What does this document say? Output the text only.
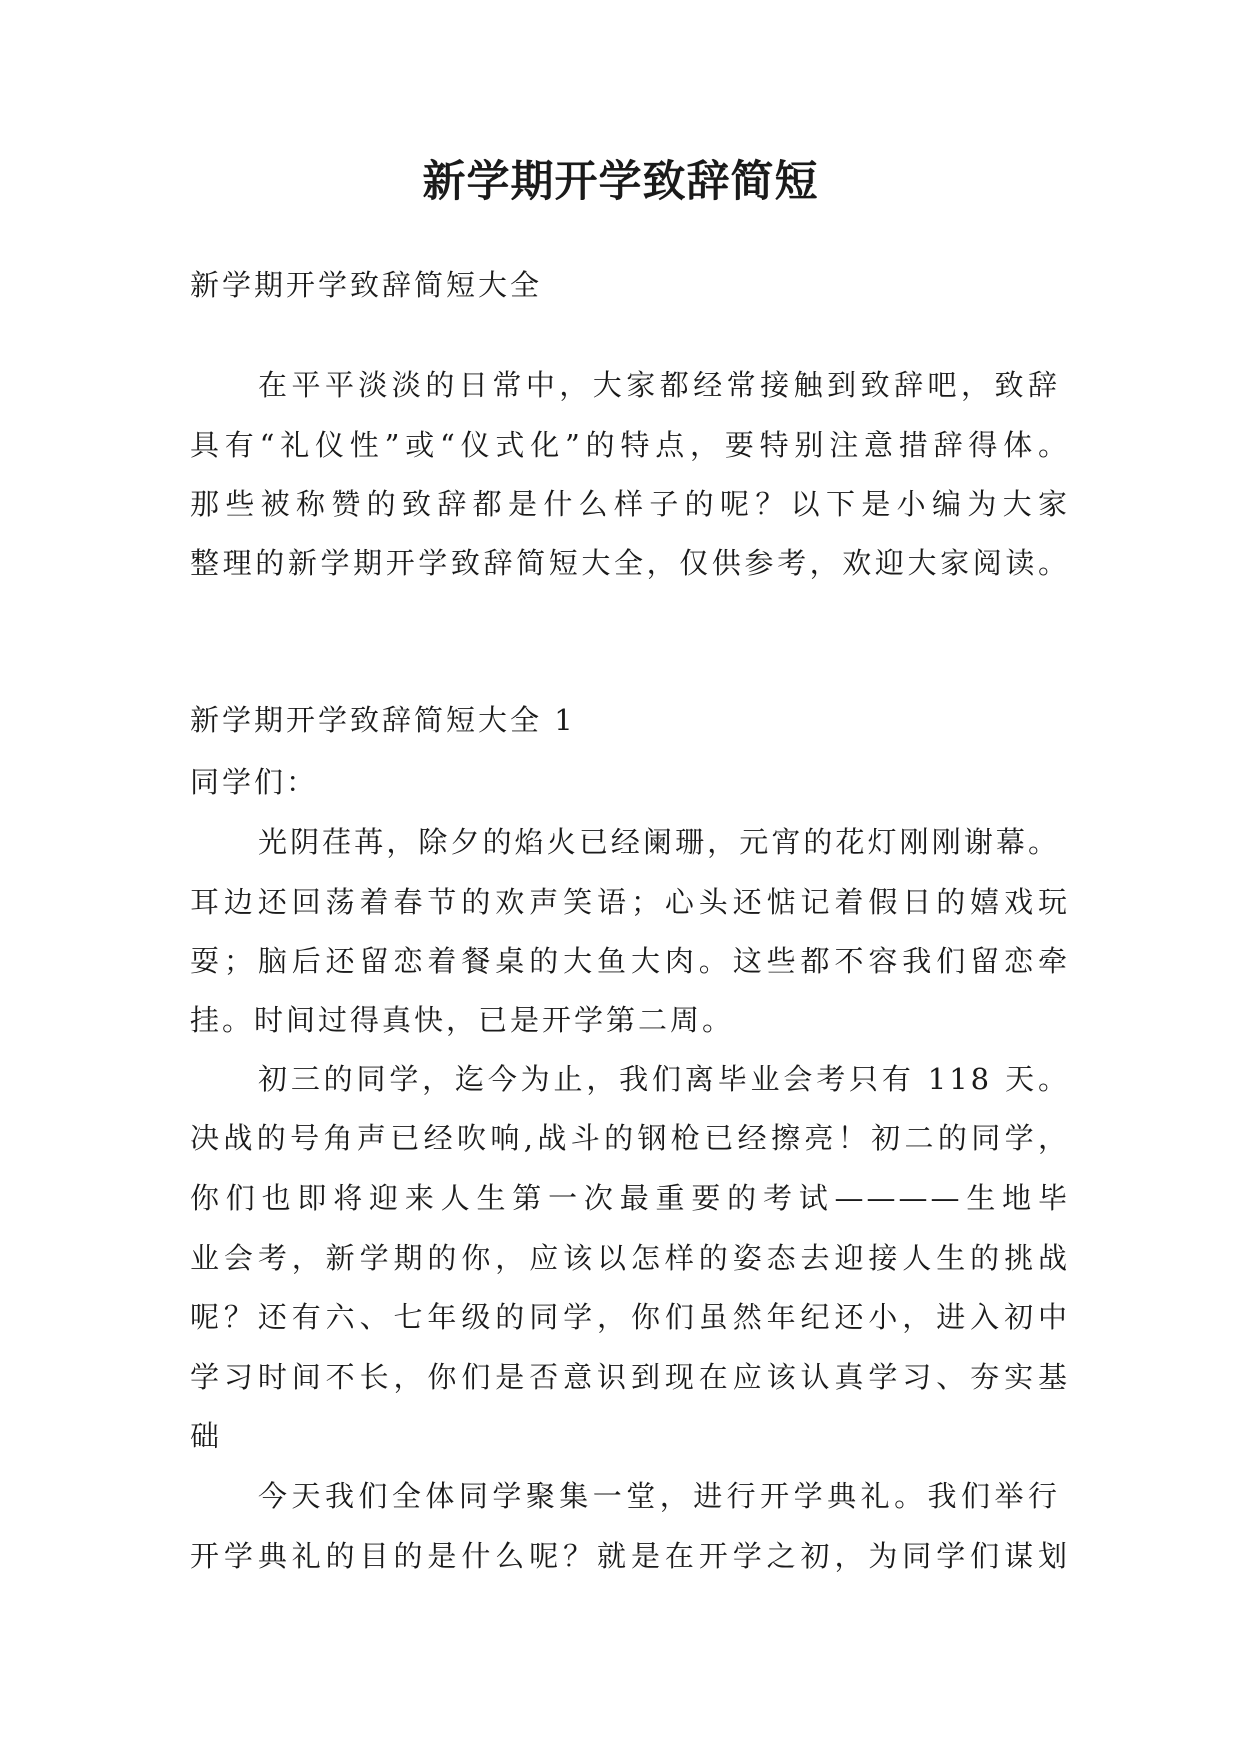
新学期开学致辞简短
新学期开学致辞简短大全
在平平淡淡的日常中，大家都经常接触到致辞吧，致辞
具有“礼仪性”或“仪式化”的特点，要特别注意措辞得体。
那些被称赞的致辞都是什么样子的呢？以下是小编为大家
整理的新学期开学致辞简短大全，仅供参考，欢迎大家阅读。
新学期开学致辞简短大全 1
同学们：
光阴荏苒，除夕的焰火已经阑珊，元宵的花灯刚刚谢幕。
耳边还回荡着春节的欢声笑语；心头还惦记着假日的嬉戏玩
耍；脑后还留恋着餐桌的大鱼大肉。这些都不容我们留恋牵
挂。时间过得真快，已是开学第二周。
初三的同学，迄今为止，我们离毕业会考只有 118 天。
决战的号角声已经吹响,战斗的钢枪已经擦亮！初二的同学，
你们也即将迎来人生第一次最重要的考试————生地毕
业会考，新学期的你，应该以怎样的姿态去迎接人生的挑战
呢？还有六、七年级的同学，你们虽然年纪还小，进入初中
学习时间不长，你们是否意识到现在应该认真学习、夯实基
础
今天我们全体同学聚集一堂，进行开学典礼。我们举行
开学典礼的目的是什么呢？就是在开学之初，为同学们谋划
